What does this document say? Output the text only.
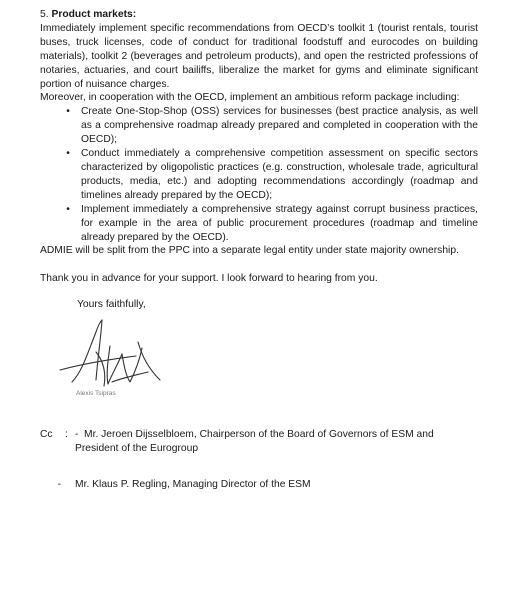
5. Product markets:
Immediately implement specific recommendations from OECD’s toolkit 1 (tourist rentals, tourist buses, truck licenses, code of conduct for traditional foodstuff and eurocodes on building materials), toolkit 2 (beverages and petroleum products), and open the restricted professions of notaries, actuaries, and court bailiffs, liberalize the market for gyms and eliminate significant portion of nuisance charges.
Moreover, in cooperation with the OECD, implement an ambitious reform package including:
•	Create One-Stop-Shop (OSS) services for businesses (best practice analysis, as well as a comprehensive roadmap already prepared and completed in cooperation with the OECD);
•	Conduct immediately a comprehensive competition assessment on specific sectors characterized by oligopolistic practices (e.g. construction, wholesale trade, agricultural products, media, etc.) and adopting recommendations accordingly (roadmap and timelines already prepared by the OECD);
•	Implement immediately a comprehensive strategy against corrupt business practices, for example in the area of public procurement procedures (roadmap and timeline already prepared by the OECD).
ADMIE will be split from the PPC into a separate legal entity under state majority ownership.
Thank you in advance for your support. I look forward to hearing from you.
Yours faithfully,
Alexis Tsipras
Cc	: - Mr. Jeroen Dijsselbloem, Chairperson of the Board of Governors of ESM and
President of the Eurogroup
-	Mr. Klaus P. Regling, Managing Director of the ESM
